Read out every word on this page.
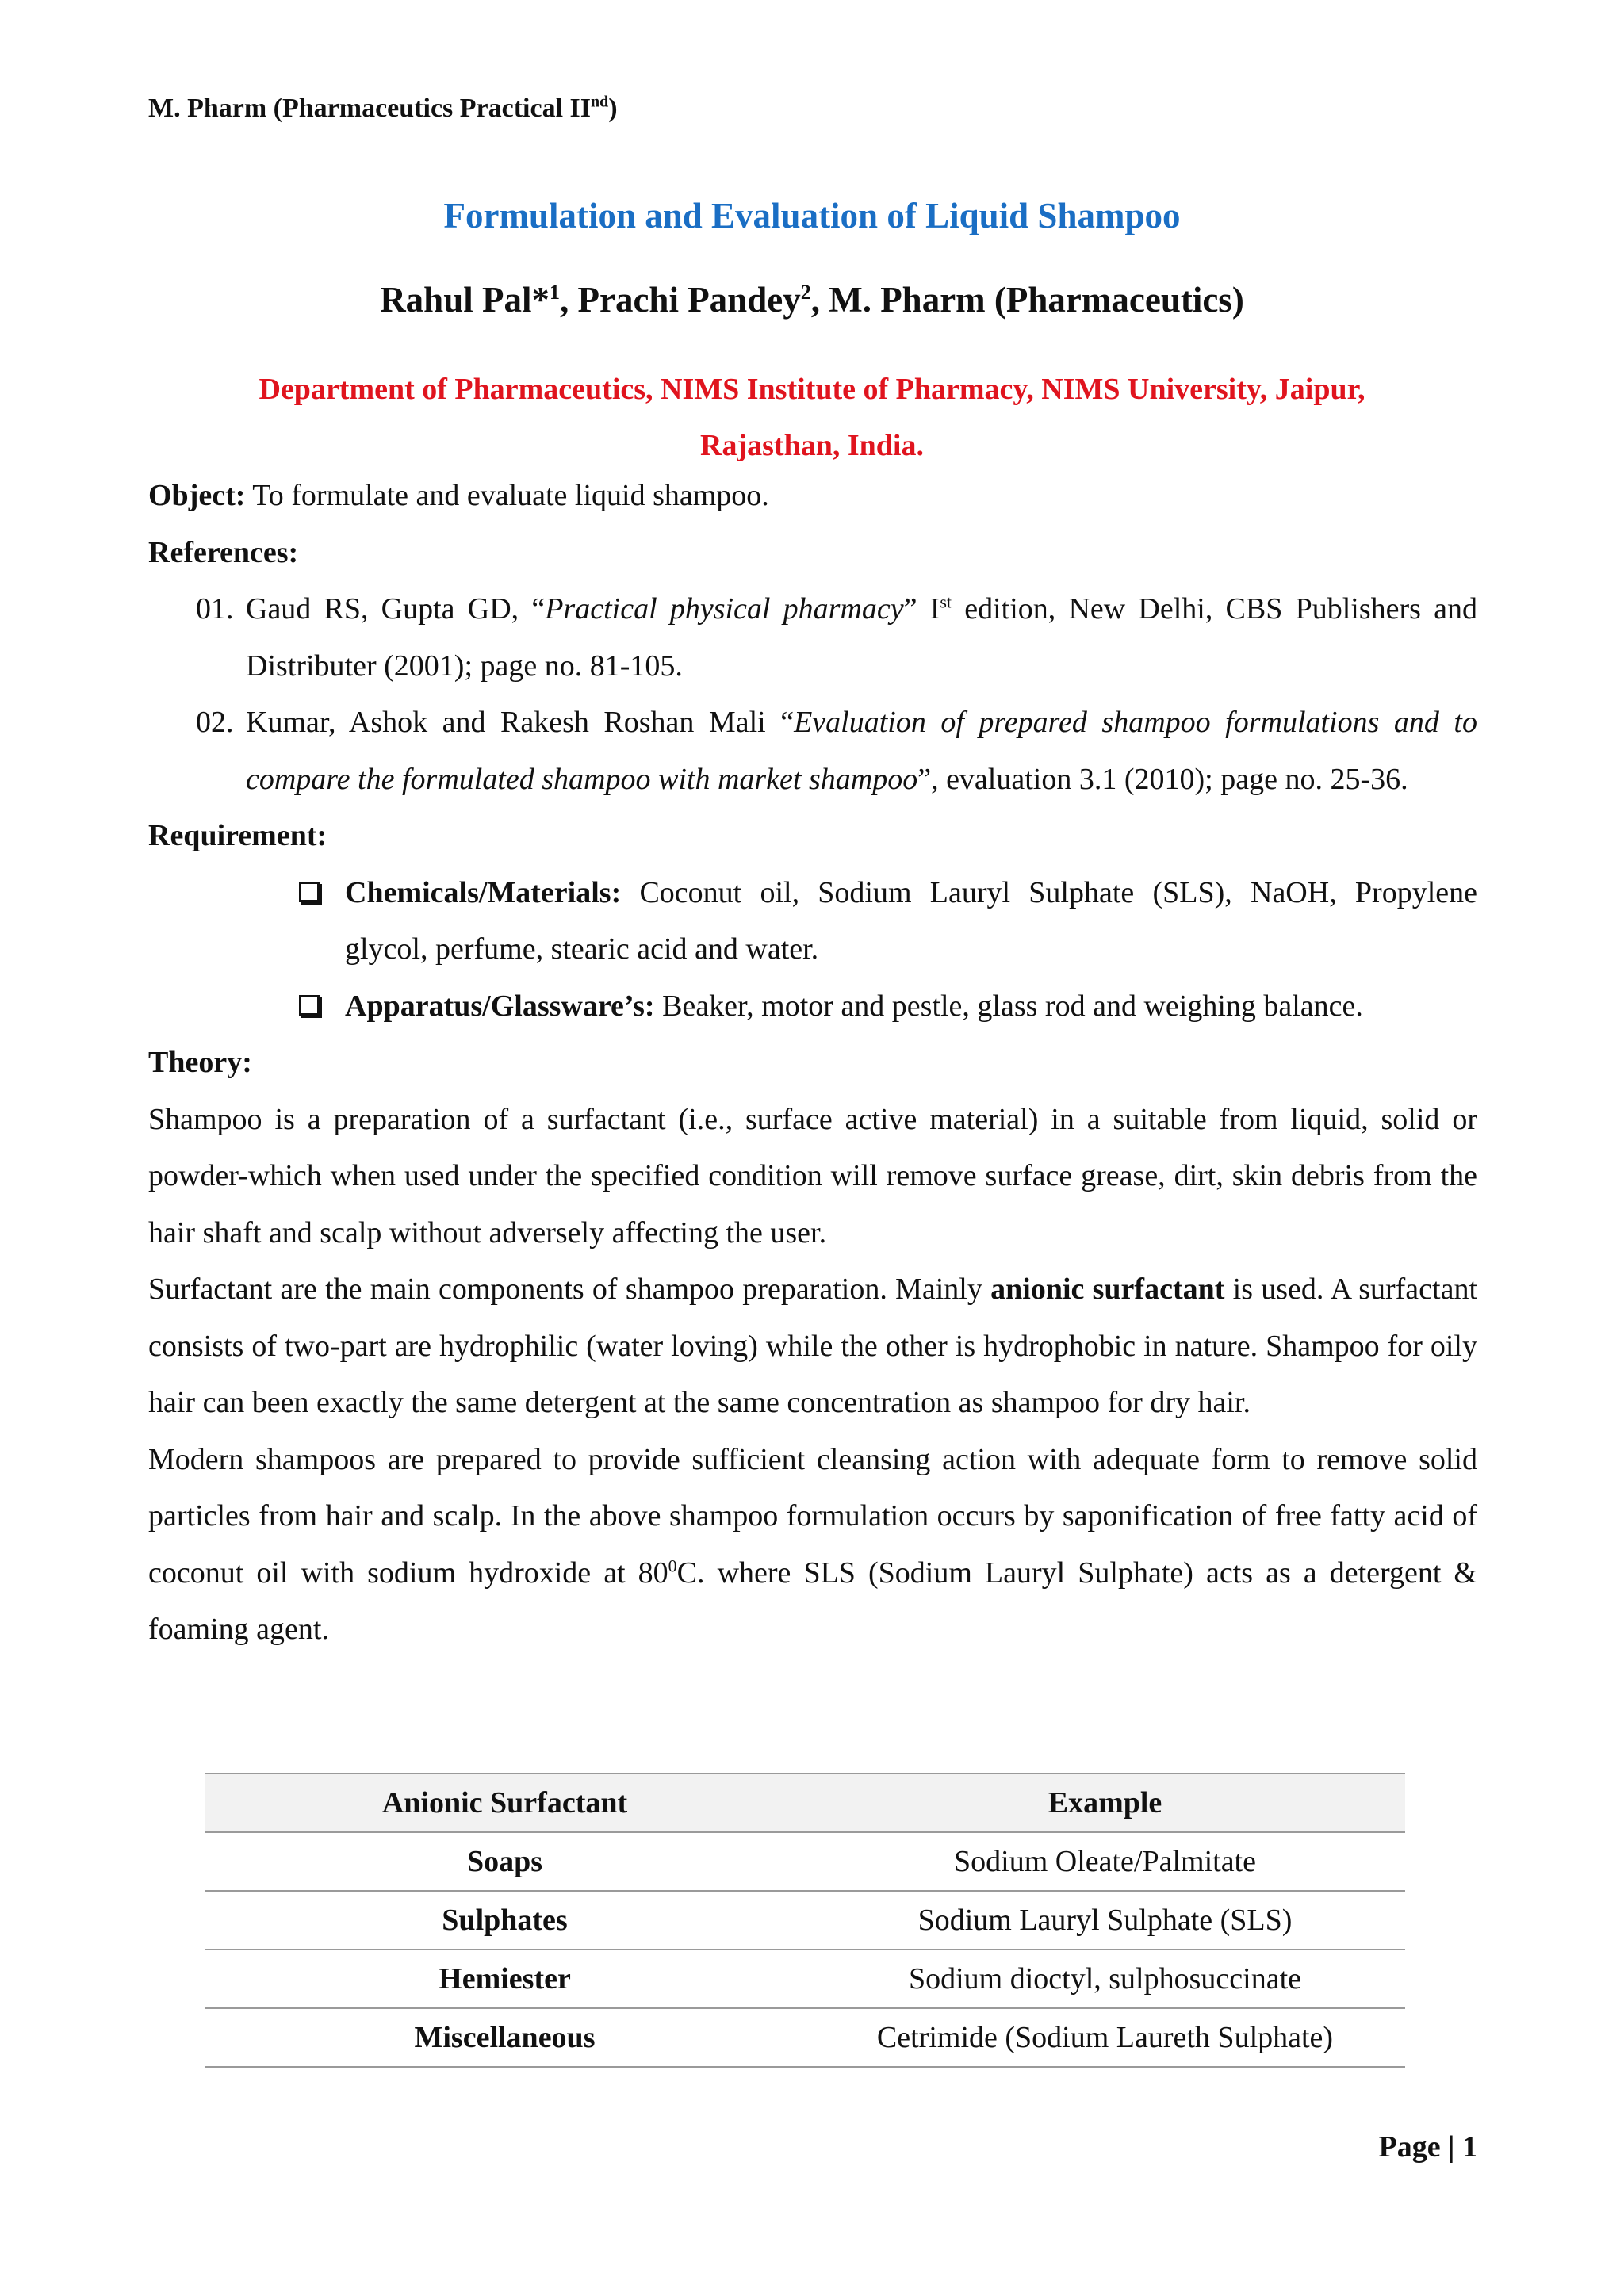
M. Pharm (Pharmaceutics Practical IInd)
Formulation and Evaluation of Liquid Shampoo
Rahul Pal*$^1$, Prachi Pandey$^2$, M. Pharm (Pharmaceutics)
Department of Pharmaceutics, NIMS Institute of Pharmacy, NIMS University, Jaipur,
Rajasthan, India.
Object: To formulate and evaluate liquid shampoo.
References:
01. Gaud RS, Gupta GD, “Practical physical pharmacy” Ist edition, New Delhi, CBS Publishers and Distributer (2001); page no. 81-105.
02. Kumar, Ashok and Rakesh Roshan Mali “Evaluation of prepared shampoo formulations and to compare the formulated shampoo with market shampoo”, evaluation 3.1 (2010); page no. 25-36.
Requirement:
Chemicals/Materials: Coconut oil, Sodium Lauryl Sulphate (SLS), NaOH, Propylene glycol, perfume, stearic acid and water.
Apparatus/Glassware’s: Beaker, motor and pestle, glass rod and weighing balance.
Theory:
Shampoo is a preparation of a surfactant (i.e., surface active material) in a suitable from liquid, solid or powder-which when used under the specified condition will remove surface grease, dirt, skin debris from the hair shaft and scalp without adversely affecting the user.
Surfactant are the main components of shampoo preparation. Mainly anionic surfactant is used. A surfactant consists of two-part are hydrophilic (water loving) while the other is hydrophobic in nature. Shampoo for oily hair can been exactly the same detergent at the same concentration as shampoo for dry hair.
Modern shampoos are prepared to provide sufficient cleansing action with adequate form to remove solid particles from hair and scalp. In the above shampoo formulation occurs by saponification of free fatty acid of coconut oil with sodium hydroxide at $80^0C$. where SLS (Sodium Lauryl Sulphate) acts as a detergent & foaming agent.
Anionic Surfactant	Example
Soaps	Sodium Oleate/Palmitate
Sulphates	Sodium Lauryl Sulphate (SLS)
Hemiester	Sodium dioctyl, sulphosuccinate
Miscellaneous	Cetrimide (Sodium Laureth Sulphate)
Page | 1
